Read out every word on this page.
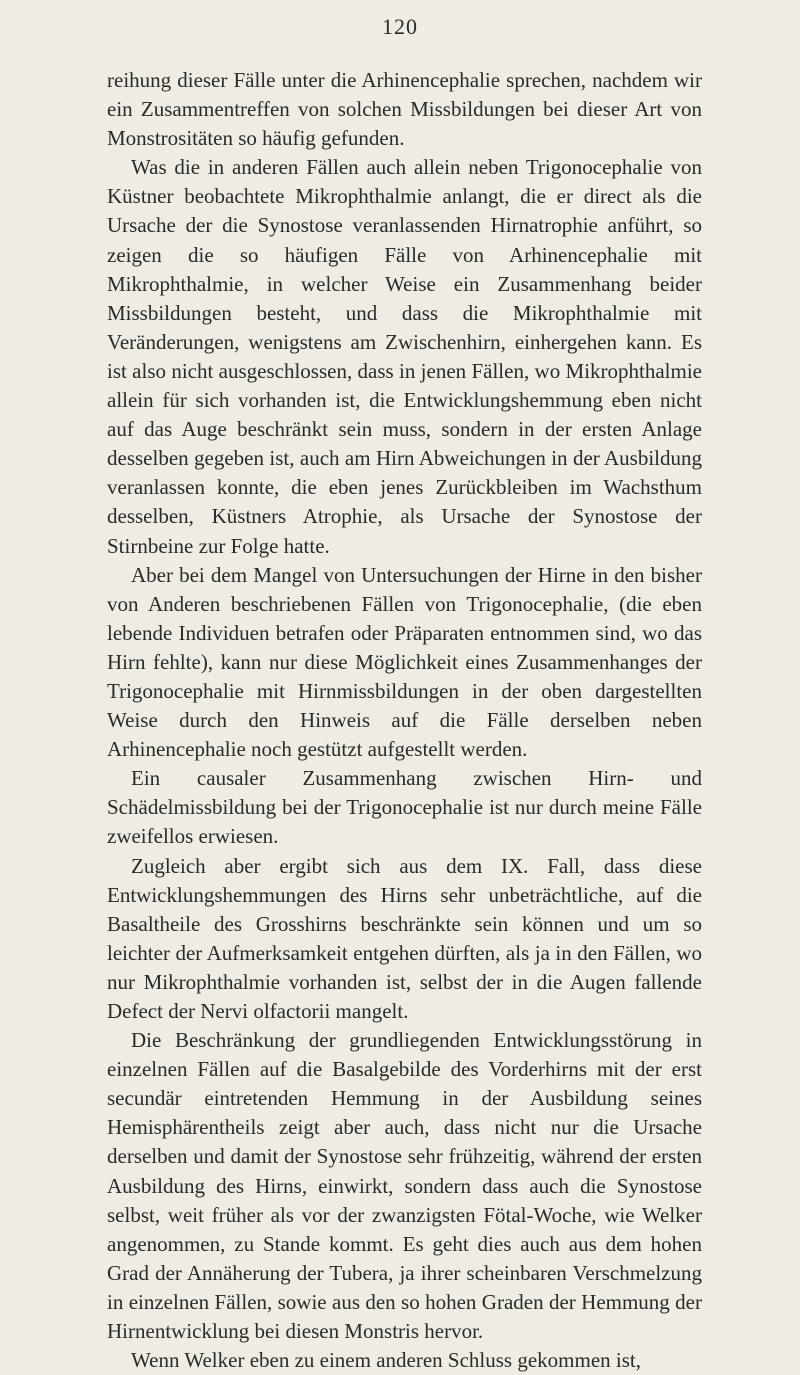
120

reihung dieser Fälle unter die Arhinencephalie sprechen, nachdem wir ein Zusammentreffen von solchen Missbildungen bei dieser Art von Monstrositäten so häufig gefunden.

Was die in anderen Fällen auch allein neben Trigonocephalie von Küstner beobachtete Mikrophthalmie anlangt, die er direct als die Ursache der die Synostose veranlassenden Hirnatrophie anführt, so zeigen die so häufigen Fälle von Arhinencephalie mit Mikrophthalmie, in welcher Weise ein Zusammenhang beider Missbildungen besteht, und dass die Mikrophthalmie mit Veränderungen, wenigstens am Zwischenhirn, einhergehen kann. Es ist also nicht ausgeschlossen, dass in jenen Fällen, wo Mikrophthalmie allein für sich vorhanden ist, die Entwicklungshemmung eben nicht auf das Auge beschränkt sein muss, sondern in der ersten Anlage desselben gegeben ist, auch am Hirn Abweichungen in der Ausbildung veranlassen konnte, die eben jenes Zurückbleiben im Wachsthum desselben, Küstners Atrophie, als Ursache der Synostose der Stirnbeine zur Folge hatte.

Aber bei dem Mangel von Untersuchungen der Hirne in den bisher von Anderen beschriebenen Fällen von Trigonocephalie, (die eben lebende Individuen betrafen oder Präparaten entnommen sind, wo das Hirn fehlte), kann nur diese Möglichkeit eines Zusammenhanges der Trigonocephalie mit Hirnmissbildungen in der oben dargestellten Weise durch den Hinweis auf die Fälle derselben neben Arhinencephalie noch gestützt aufgestellt werden.

Ein causaler Zusammenhang zwischen Hirn- und Schädelmissbildung bei der Trigonocephalie ist nur durch meine Fälle zweifellos erwiesen.

Zugleich aber ergibt sich aus dem IX. Fall, dass diese Entwicklungshemmungen des Hirns sehr unbeträchtliche, auf die Basaltheile des Grosshirns beschränkte sein können und um so leichter der Aufmerksamkeit entgehen dürften, als ja in den Fällen, wo nur Mikrophthalmie vorhanden ist, selbst der in die Augen fallende Defect der Nervi olfactorii mangelt.

Die Beschränkung der grundliegenden Entwicklungsstörung in einzelnen Fällen auf die Basalgebilde des Vorderhirns mit der erst secundär eintretenden Hemmung in der Ausbildung seines Hemisphärentheils zeigt aber auch, dass nicht nur die Ursache derselben und damit der Synostose sehr frühzeitig, während der ersten Ausbildung des Hirns, einwirkt, sondern dass auch die Synostose selbst, weit früher als vor der zwanzigsten Fötal-Woche, wie Welker angenommen, zu Stande kommt. Es geht dies auch aus dem hohen Grad der Annäherung der Tubera, ja ihrer scheinbaren Verschmelzung in einzelnen Fällen, sowie aus den so hohen Graden der Hemmung der Hirnentwicklung bei diesen Monstris hervor.

Wenn Welker eben zu einem anderen Schluss gekommen ist,
